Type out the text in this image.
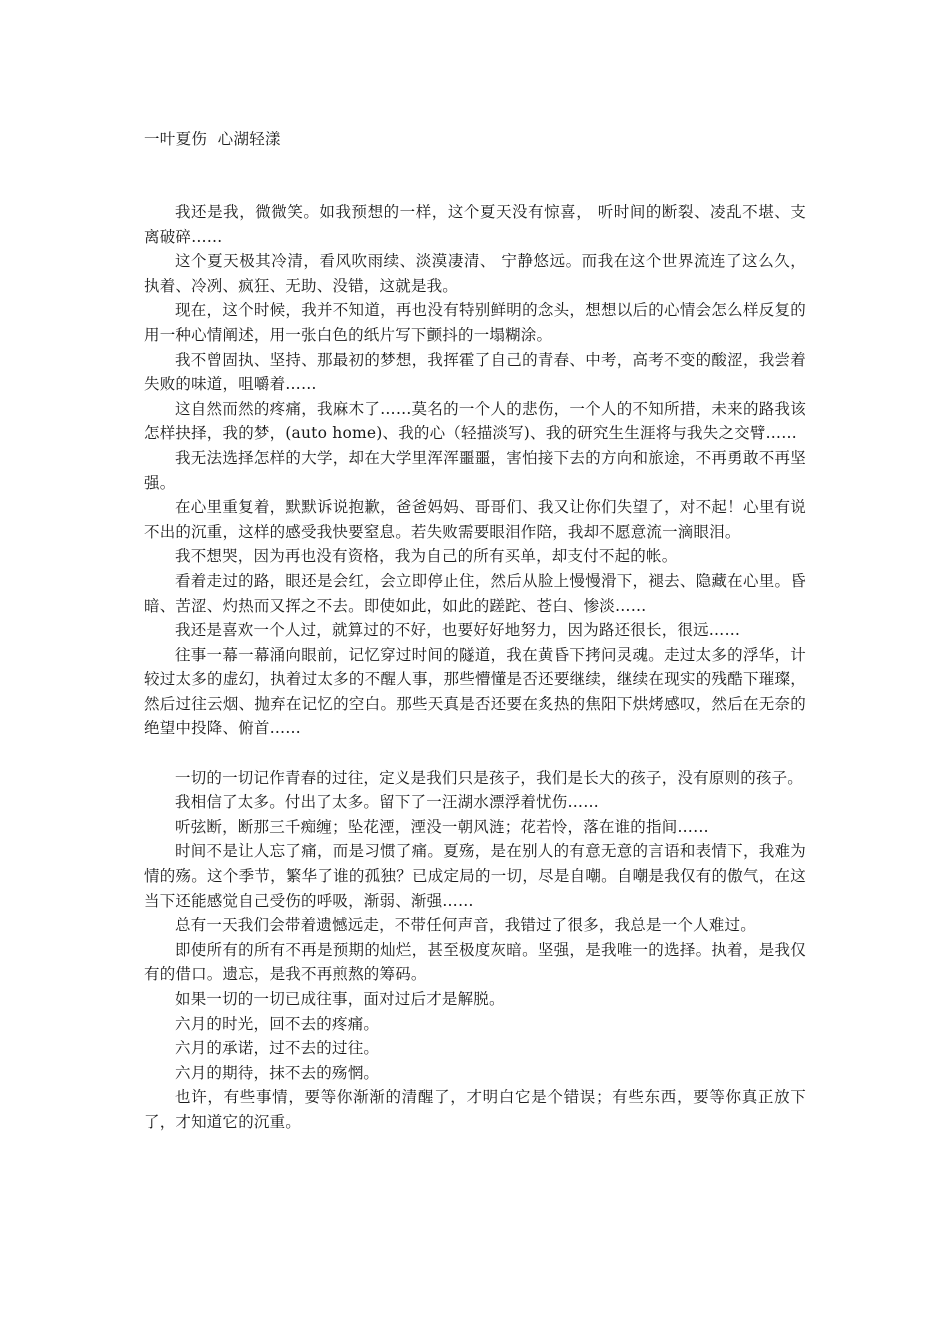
一叶夏伤  心湖轻漾

我还是我，微微笑。如我预想的一样，这个夏天没有惊喜， 听时间的断裂、凌乱不堪、支离破碎……

这个夏天极其冷清，看风吹雨续、淡漠凄清、 宁静悠远。而我在这个世界流连了这么久，执着、冷冽、疯狂、无助、没错，这就是我。

现在，这个时候，我并不知道，再也没有特别鲜明的念头，想想以后的心情会怎么样反复的用一种心情阐述，用一张白色的纸片写下颤抖的一塌糊涂。

我不曾固执、坚持、那最初的梦想，我挥霍了自己的青春、中考，高考不变的酸涩，我尝着失败的味道，咀嚼着……

这自然而然的疼痛，我麻木了……莫名的一个人的悲伤，一个人的不知所措，未来的路我该怎样抉择，我的梦，(auto home)、我的心（轻描淡写)、我的研究生生涯将与我失之交臂……

我无法选择怎样的大学，却在大学里浑浑噩噩，害怕接下去的方向和旅途，不再勇敢不再坚强。

在心里重复着，默默诉说抱歉，爸爸妈妈、哥哥们、我又让你们失望了，对不起！心里有说不出的沉重，这样的感受我快要窒息。若失败需要眼泪作陪，我却不愿意流一滴眼泪。

我不想哭，因为再也没有资格，我为自己的所有买单，却支付不起的帐。

看着走过的路，眼还是会红，会立即停止住，然后从脸上慢慢滑下，褪去、隐藏在心里。昏暗、苦涩、灼热而又挥之不去。即使如此，如此的蹉跎、苍白、惨淡……

我还是喜欢一个人过，就算过的不好，也要好好地努力，因为路还很长，很远……

往事一幕一幕涌向眼前，记忆穿过时间的隧道，我在黄昏下拷问灵魂。走过太多的浮华，计较过太多的虚幻，执着过太多的不醒人事，那些懵懂是否还要继续，继续在现实的残酷下璀璨，然后过往云烟、抛弃在记忆的空白。那些天真是否还要在炙热的焦阳下烘烤感叹，然后在无奈的绝望中投降、俯首……

一切的一切记作青春的过往，定义是我们只是孩子，我们是长大的孩子，没有原则的孩子。

我相信了太多。付出了太多。留下了一汪湖水漂浮着忧伤……

听弦断，断那三千痴缠；坠花湮，湮没一朝风涟；花若怜，落在谁的指间……

时间不是让人忘了痛，而是习惯了痛。夏殇，是在别人的有意无意的言语和表情下，我难为情的殇。这个季节，繁华了谁的孤独？已成定局的一切，尽是自嘲。自嘲是我仅有的傲气，在这当下还能感觉自己受伤的呼吸，渐弱、渐强……

总有一天我们会带着遗憾远走，不带任何声音，我错过了很多，我总是一个人难过。

即使所有的所有不再是预期的灿烂，甚至极度灰暗。坚强，是我唯一的选择。执着，是我仅有的借口。遗忘，是我不再煎熬的筹码。

如果一切的一切已成往事，面对过后才是解脱。

六月的时光，回不去的疼痛。

六月的承诺，过不去的过往。

六月的期待，抹不去的殇惘。

也许，有些事情，要等你渐渐的清醒了，才明白它是个错误；有些东西，要等你真正放下了，才知道它的沉重。
